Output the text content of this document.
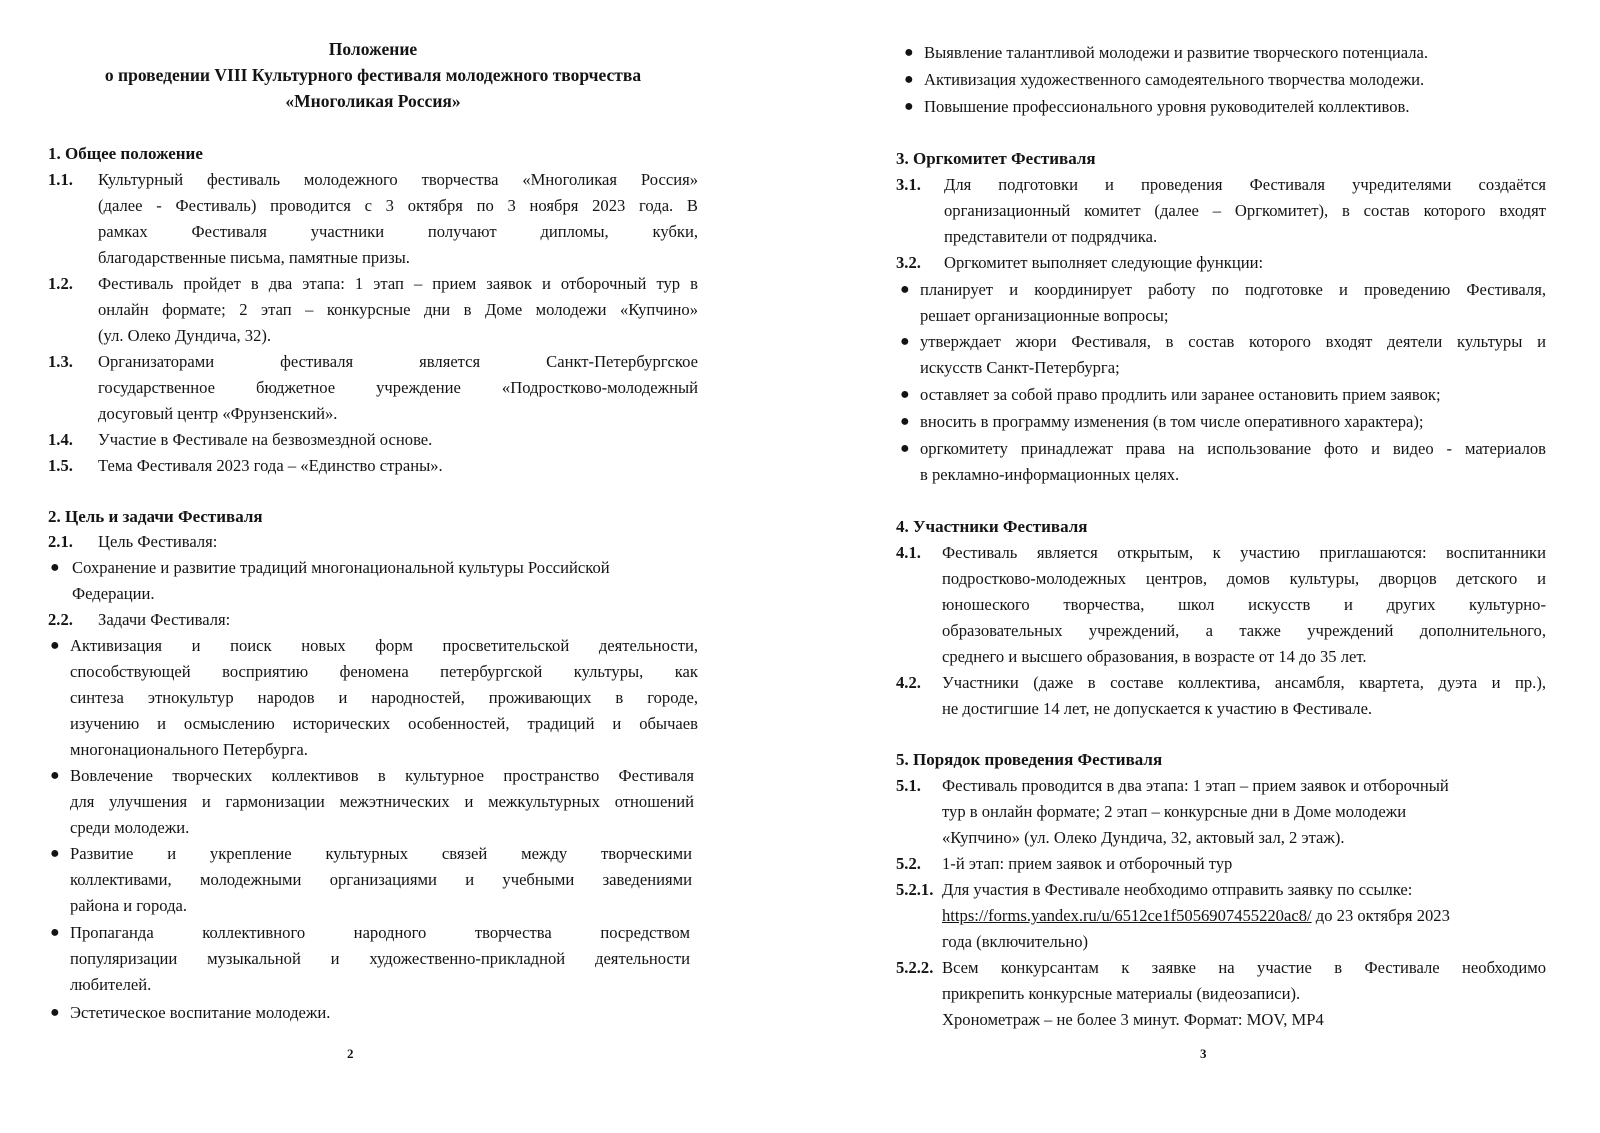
Положение
о проведении VIII Культурного фестиваля молодежного творчества
«Многоликая Россия»
1. Общее положение
1.1. Культурный фестиваль молодежного творчества «Многоликая Россия»
(далее - Фестиваль) проводится с 3 октября по 3 ноября 2023 года. В
рамках Фестиваля участники получают дипломы, кубки,
благодарственные письма, памятные призы.
1.2. Фестиваль пройдет в два этапа: 1 этап – прием заявок и отборочный тур в
онлайн формате; 2 этап – конкурсные дни в Доме молодежи «Купчино»
(ул. Олеко Дундича, 32).
1.3. Организаторами фестиваля является Санкт-Петербургское
государственное бюджетное учреждение «Подростково-молодежный
досуговый центр «Фрунзенский».
1.4. Участие в Фестивале на безвозмездной основе.
1.5. Тема Фестиваля 2023 года – «Единство страны».
2. Цель и задачи Фестиваля
2.1. Цель Фестиваля:
● Сохранение и развитие традиций многонациональной культуры Российской
Федерации.
2.2. Задачи Фестиваля:
● Активизация и поиск новых форм просветительской деятельности,
способствующей восприятию феномена петербургской культуры, как
синтеза этнокультур народов и народностей, проживающих в городе,
изучению и осмыслению исторических особенностей, традиций и обычаев
многонационального Петербурга.
● Вовлечение творческих коллективов в культурное пространство Фестиваля
для улучшения и гармонизации межэтнических и межкультурных отношений
среди молодежи.
● Развитие и укрепление культурных связей между творческими
коллективами, молодежными организациями и учебными заведениями
района и города.
● Пропаганда коллективного народного творчества посредством
популяризации музыкальной и художественно-прикладной деятельности
любителей.
● Эстетическое воспитание молодежи.
2
● Выявление талантливой молодежи и развитие творческого потенциала.
● Активизация художественного самодеятельного творчества молодежи.
● Повышение профессионального уровня руководителей коллективов.
3. Оргкомитет Фестиваля
3.1. Для подготовки и проведения Фестиваля учредителями создаётся
организационный комитет (далее – Оргкомитет), в состав которого входят
представители от подрядчика.
3.2. Оргкомитет выполняет следующие функции:
● планирует и координирует работу по подготовке и проведению Фестиваля,
решает организационные вопросы;
● утверждает жюри Фестиваля, в состав которого входят деятели культуры и
искусств Санкт-Петербурга;
● оставляет за собой право продлить или заранее остановить прием заявок;
● вносить в программу изменения (в том числе оперативного характера);
● оргкомитету принадлежат права на использование фото и видео - материалов
в рекламно-информационных целях.
4. Участники Фестиваля
4.1. Фестиваль является открытым, к участию приглашаются: воспитанники
подростково-молодежных центров, домов культуры, дворцов детского и
юношеского творчества, школ искусств и других культурно-
образовательных учреждений, а также учреждений дополнительного,
среднего и высшего образования, в возрасте от 14 до 35 лет.
4.2. Участники (даже в составе коллектива, ансамбля, квартета, дуэта и пр.),
не достигшие 14 лет, не допускается к участию в Фестивале.
5. Порядок проведения Фестиваля
5.1. Фестиваль проводится в два этапа: 1 этап – прием заявок и отборочный
тур в онлайн формате; 2 этап – конкурсные дни в Доме молодежи
«Купчино» (ул. Олеко Дундича, 32, актовый зал, 2 этаж).
5.2. 1-й этап: прием заявок и отборочный тур
5.2.1. Для участия в Фестивале необходимо отправить заявку по ссылке:
https://forms.yandex.ru/u/6512ce1f5056907455220ac8/ до 23 октября 2023
года (включительно)
5.2.2. Всем конкурсантам к заявке на участие в Фестивале необходимо
прикрепить конкурсные материалы (видеозаписи).
Хронометраж – не более 3 минут. Формат: MOV, MP4
3
